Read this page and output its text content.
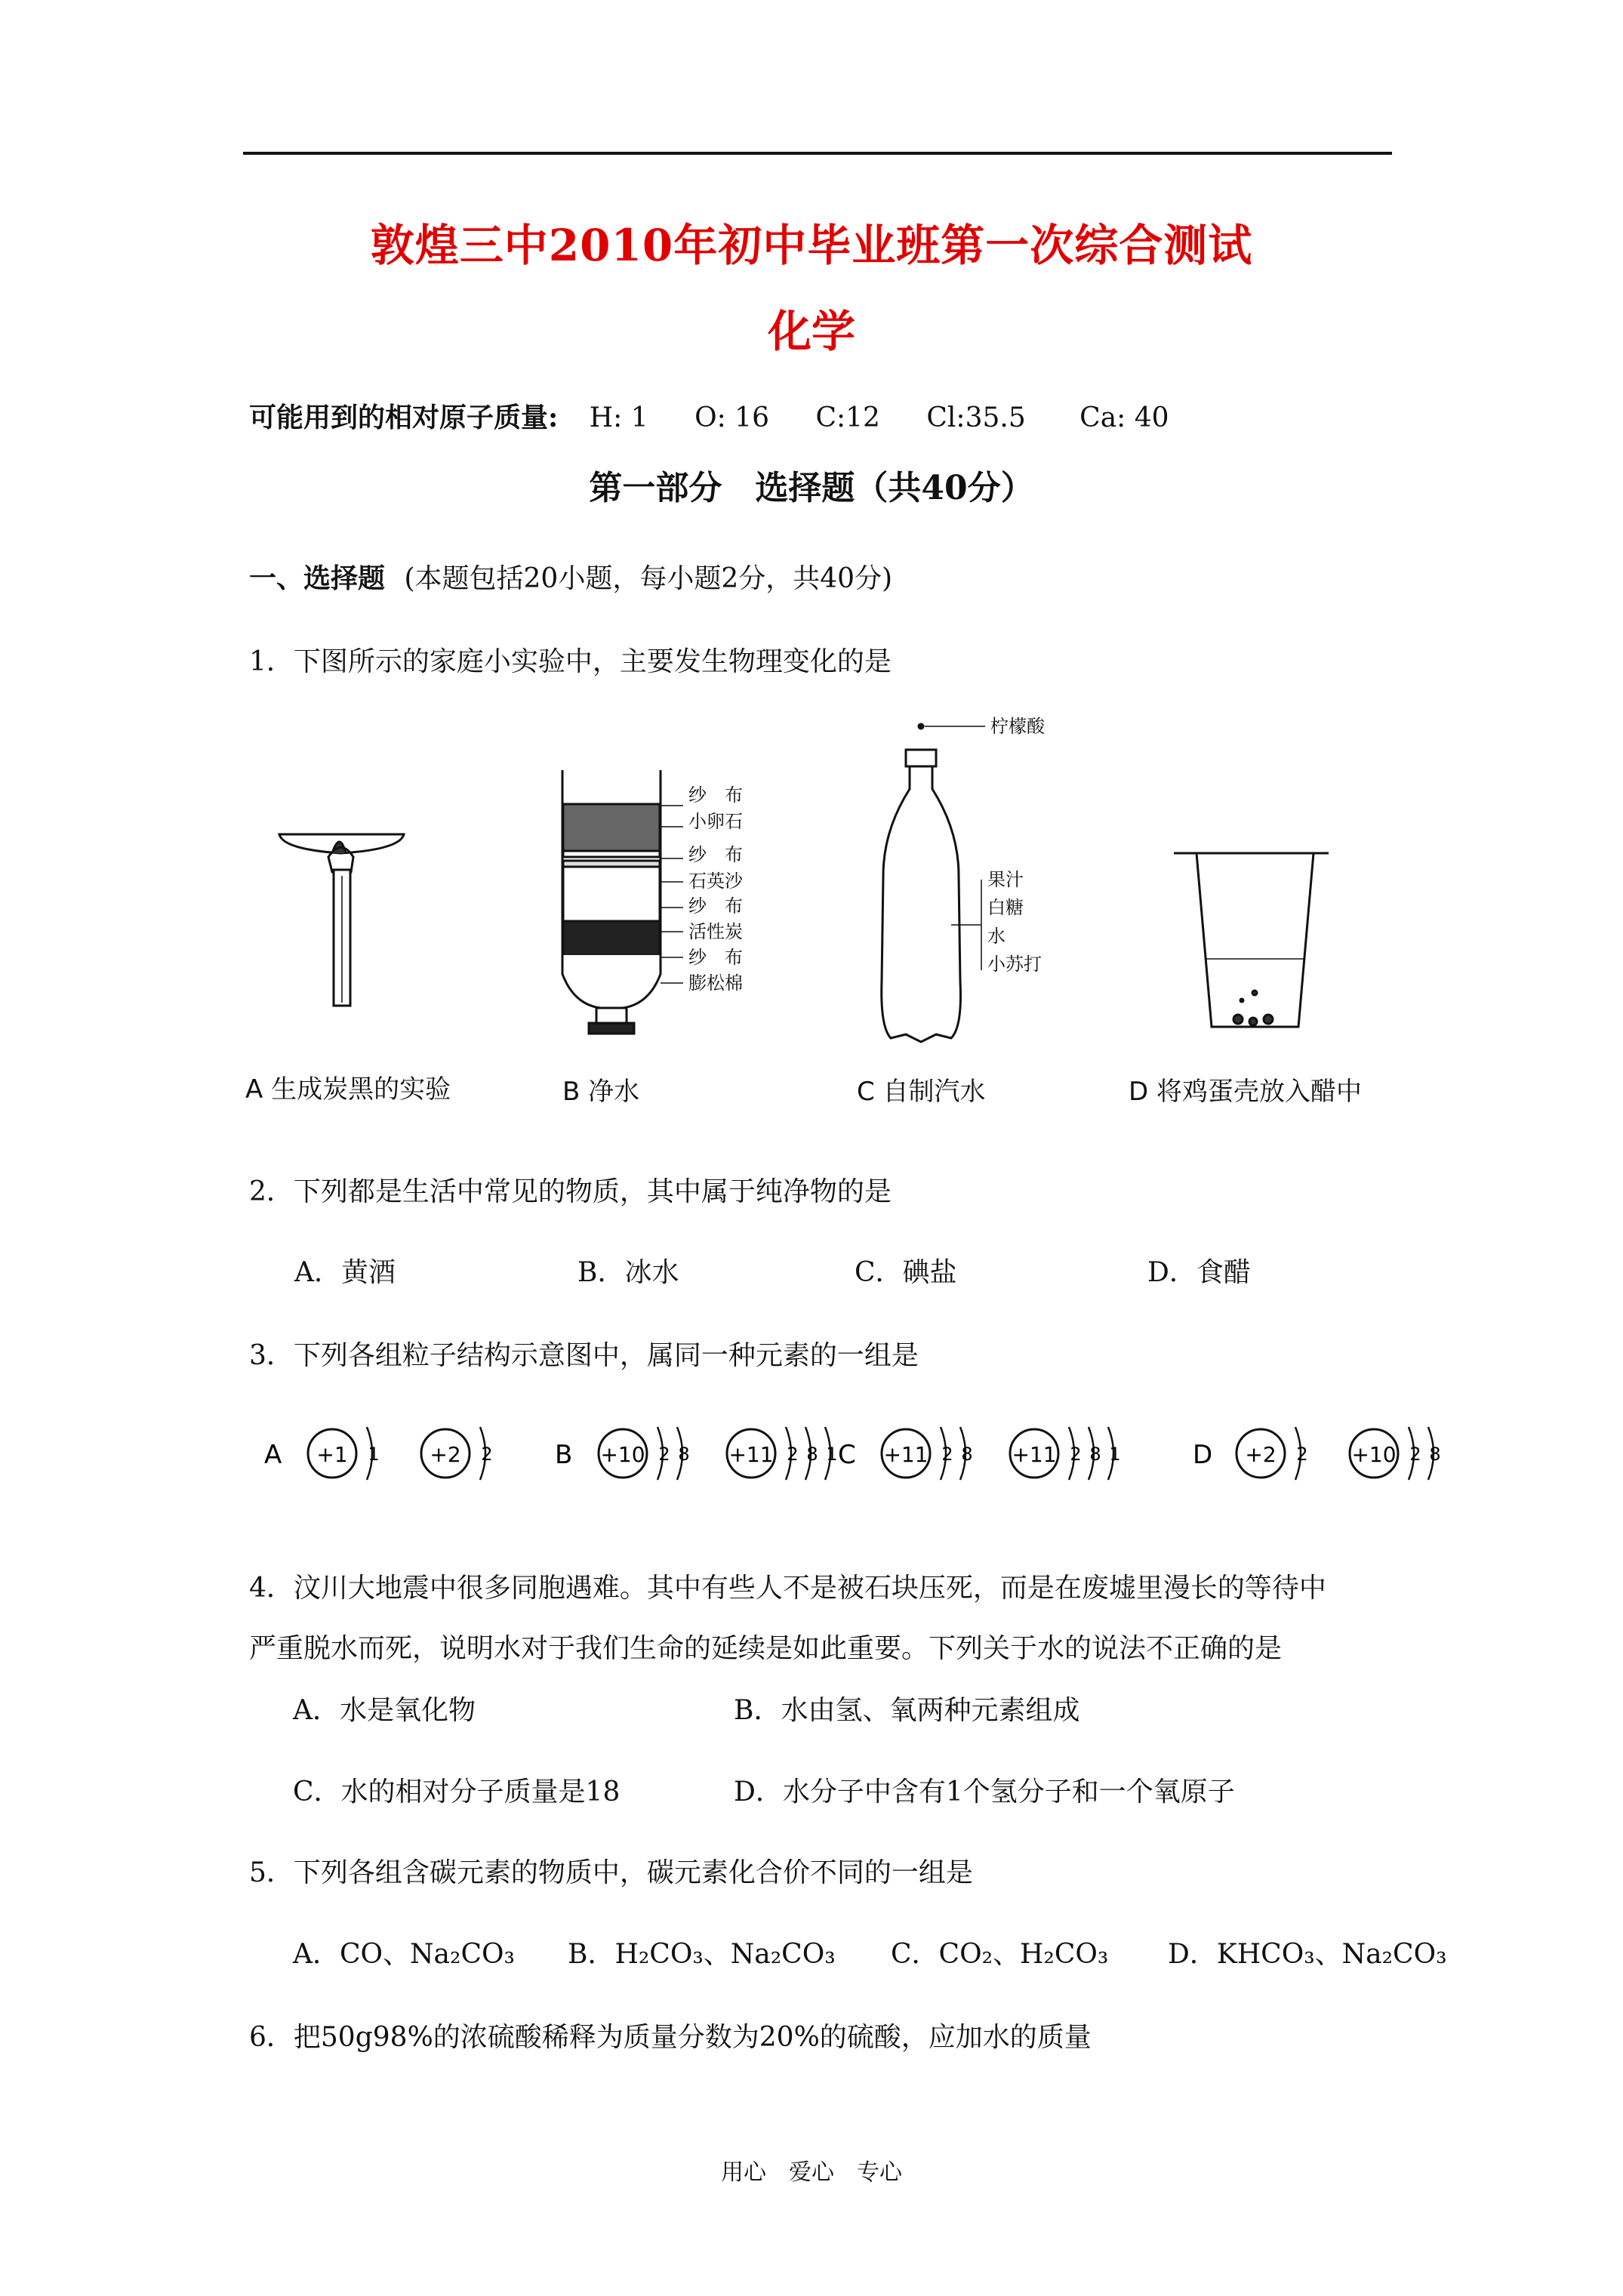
敦煌三中2010年初中毕业班第一次综合测试
化学
可能用到的相对原子质量: H: 1 O: 16 C:12 Cl:35.5 Ca: 40
第一部分　选择题（共40分）
一、选择题 (本题包括20小题，每小题2分，共40分)
1．下图所示的家庭小实验中，主要发生物理变化的是
纱　布
小卵石
纱　布
石英沙
纱　布
活性炭
纱　布
膨松棉
柠檬酸
果汁
白糖
水
小苏打
A 生成炭黑的实验	B 净水	C 自制汽水	D 将鸡蛋壳放入醋中
2．下列都是生活中常见的物质，其中属于纯净物的是
A．黄酒	B．冰水	C．碘盐	D．食醋
3．下列各组粒子结构示意图中，属同一种元素的一组是
A +1 1 +2 2 B +10 2 8 +11 2 8 1 C +11 2 8 +11 2 8 1	D +2 2 +10 2 8
4．汶川大地震中很多同胞遇难。其中有些人不是被石块压死，而是在废墟里漫长的等待中
严重脱水而死，说明水对于我们生命的延续是如此重要。下列关于水的说法不正确的是
A．水是氧化物	B．水由氢、氧两种元素组成
C．水的相对分子质量是18	D．水分子中含有1个氢分子和一个氧原子
5．下列各组含碳元素的物质中，碳元素化合价不同的一组是
A．CO、Na₂CO₃ B．H₂CO₃、Na₂CO₃ C．CO₂、H₂CO₃ D．KHCO₃、Na₂CO₃
6．把50g98%的浓硫酸稀释为质量分数为20%的硫酸，应加水的质量
用心　爱心　专心
